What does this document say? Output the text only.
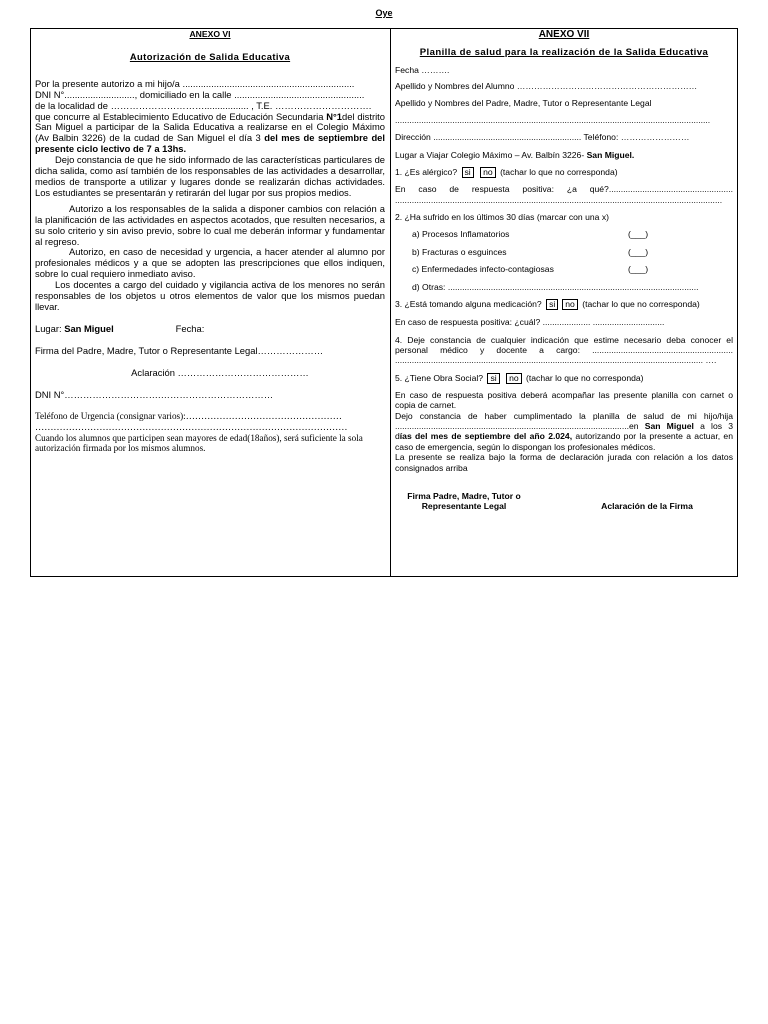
Oye
ANEXO VI
Autorización de Salida Educativa

Por la presente autorizo a mi hijo/a ..................................................................

DNI N°..........................., domiciliado en la calle ..................................................

de la localidad de …………………………................. , T.E. ………………………….

que concurre al Establecimiento Educativo de Educación Secundaria N°1del distrito San Miguel a participar de la Salida Educativa a realizarse en el Colegio Máximo (Av Balbin 3226) de la cudad de San Miguel el día 3 del mes de septiembre del presente ciclo lectivo de 7 a 13hs.

Dejo constancia de que he sido informado de las características particulares de dicha salida, como así también de los responsables de las actividades a desarrollar, medios de transporte a utilizar y lugares donde se realizarán dichas actividades. Los estudiantes se presentarán y retirarán del lugar por sus propios medios.

Autorizo a los responsables de la salida a disponer cambios con relación a la planificación de las actividades en aspectos acotados, que resulten necesarios, a su solo criterio y sin aviso previo, sobre lo cual me deberán informar y fundamentar al regreso.

Autorizo, en caso de necesidad y urgencia, a hacer atender al alumno por profesionales médicos y a que se adopten las prescripciones que ellos indiquen, sobre lo cual requiero inmediato aviso.

Los docentes a cargo del cuidado y vigilancia activa de los menores no serán responsables de los objetos u otros elementos de valor que los mismos puedan llevar.

Lugar: San Miguel	Fecha:

Firma del Padre, Madre, Tutor o Representante Legal…………………

Aclaración ……………………………………

DNI N°………………………….………………………………

Teléfono de Urgencia (consignar varios):……………………………………………

…………………………………………………………………………………………

Cuando los alumnos que participen sean mayores de edad(18años), será suficiente la sola autorización firmada por los mismos alumnos.

ANEXO VII
Planilla de salud para la realización de la Salida Educativa

Fecha ……….

Apellido y Nombres del Alumno ………………………………………………………

Apellido y Nombres del Padre, Madre, Tutor o Representante Legal

....................................................................................................................................

Dirección .............................................................. Teléfono: ……………………

Lugar a Viajar Colegio Máximo – Av. Balbín 3226- San Miguel.

1. ¿Es alérgico? si no (tachar lo que no corresponda)

En caso de respuesta positiva: ¿a qué?.................................................... .........................................................................................................................................

2. ¿Ha sufrido en los últimos 30 días (marcar con una x)

a) Procesos Inflamatorios	(___)

b) Fracturas o esguinces	(___)

c) Enfermedades infecto-contagiosas	(___)

d) Otras: .........................................................................................................

3. ¿Está tomando alguna medicación? si no (tachar lo que no corresponda)

En caso de respuesta positiva: ¿cuál? .................... ..............................

4. Deje constancia de cualquier indicación que estime necesario deba conocer el personal médico y docente a cargo: ........................................................... ................................................................................................................................. ….

5. ¿Tiene Obra Social? si no (tachar lo que no corresponda)

En caso de respuesta positiva deberá acompañar las presente planilla con carnet o copia de carnet.

Dejo constancia de haber cumplimentado la planilla de salud de mi hijo/hija ..................................................................................................en San Miguel a los 3 días del mes de septiembre del año 2.024, autorizando por la presente a actuar, en caso de emergencia, según lo dispongan los profesionales médicos.

La presente se realiza bajo la forma de declaración jurada con relación a los datos consignados arriba

Firma Padre, Madre, Tutor o Representante Legal	Aclaración de la Firma
